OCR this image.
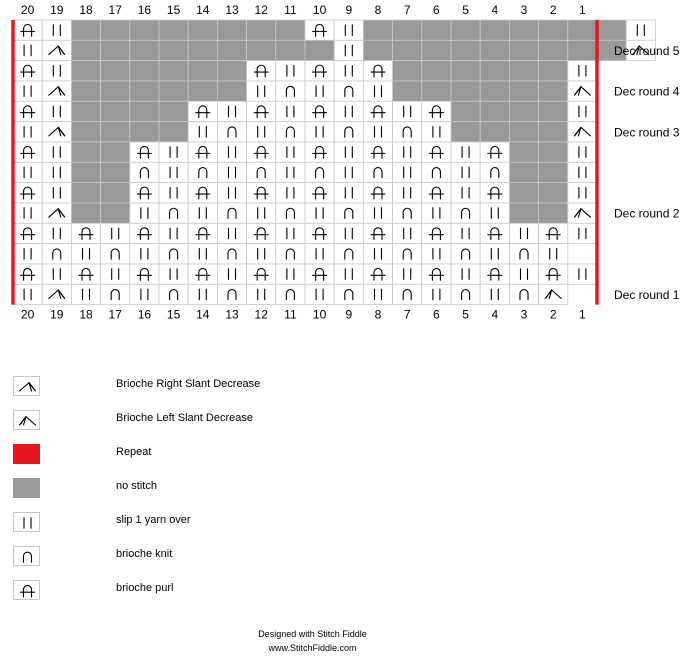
20
20
19
19
18
18
17
17
16
16
15
15
14
14
13
13
12
12
11
11
10
10
9
9
8
8
7
7
6
6
5
5
4
4
3
3
2
2
1
1
Dec round 5
Dec round 4
Dec round 3
Dec round 2
Dec round 1
Brioche Right Slant Decrease
Brioche Left Slant Decrease
Repeat
no stitch
slip 1 yarn over
brioche knit
brioche purl
Designed with Stitch Fiddle
www.StitchFiddle.com
